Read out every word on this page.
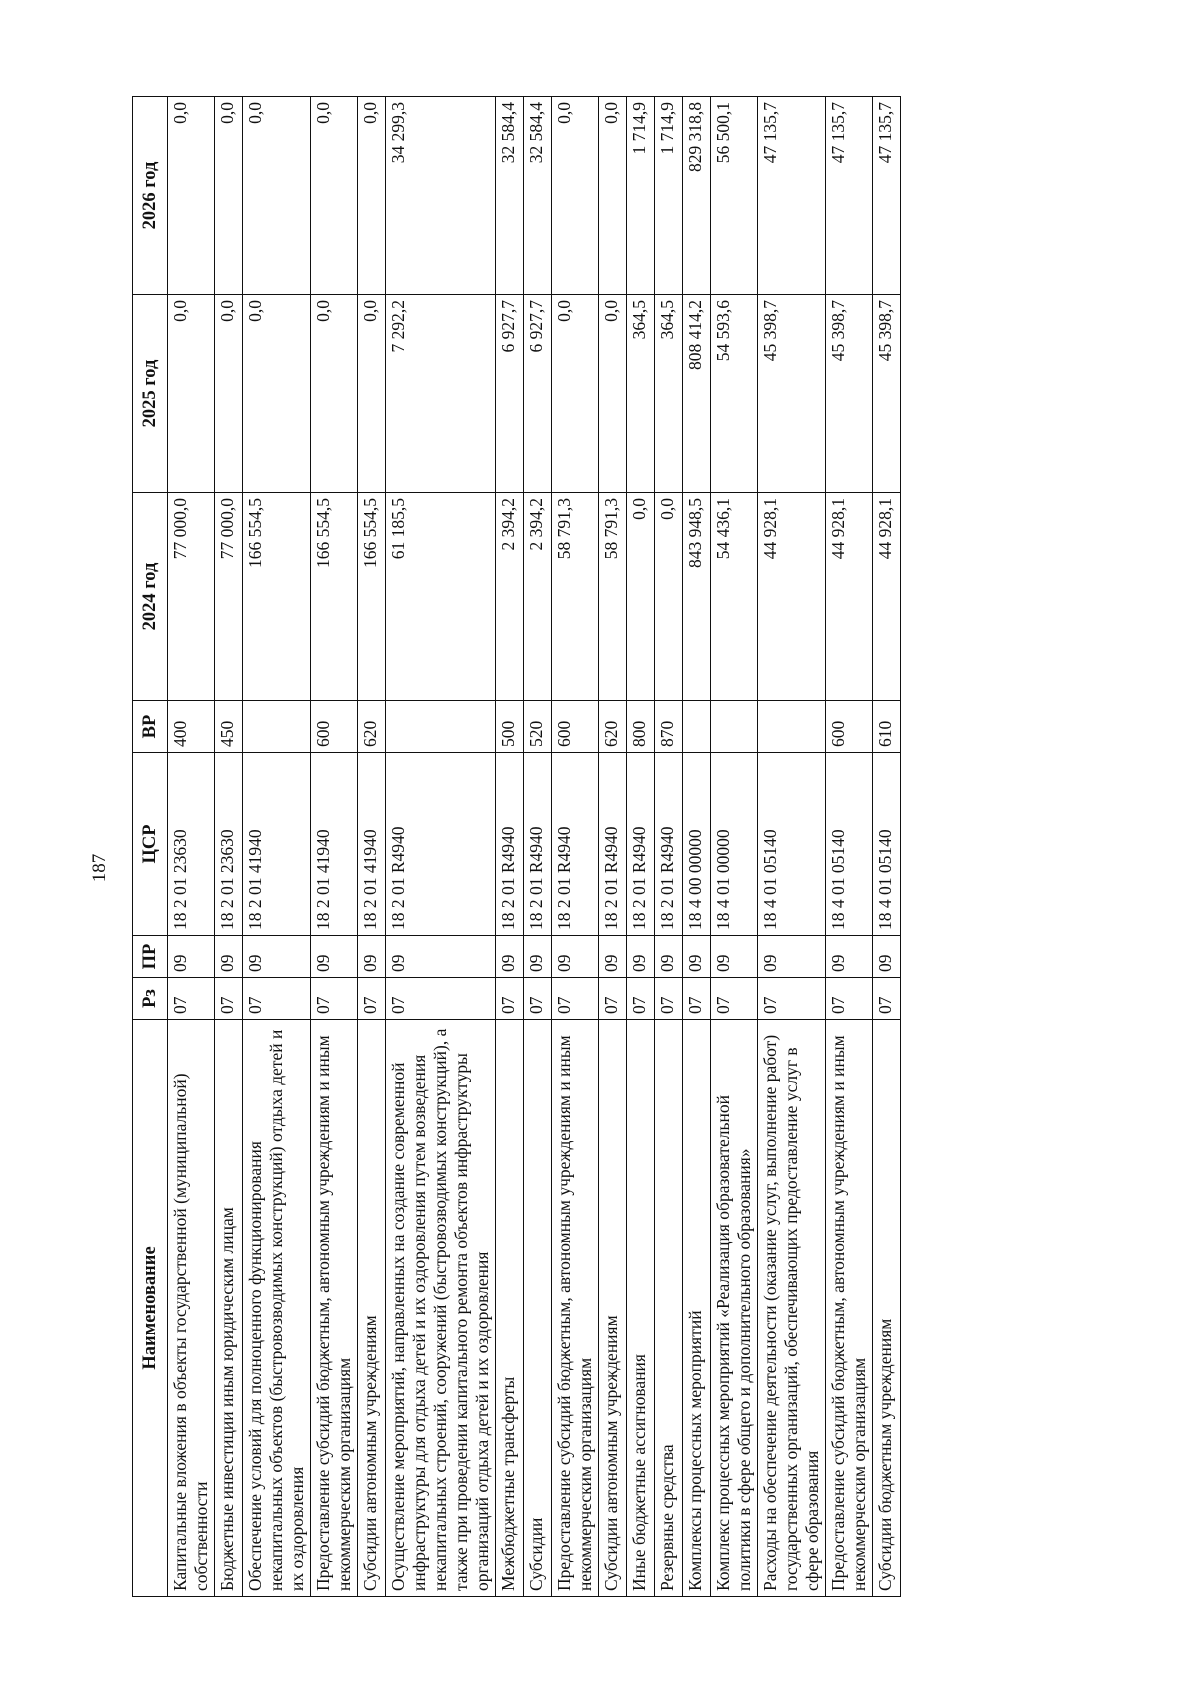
187
Наименование	Рз	ПР	ЦСР	ВР	2024 год	2025 год	2026 год
Капитальные вложения в объекты государственной (муниципальной) собственности	07	09	18 2 01 23630	400	77 000,0	0,0	0,0
Бюджетные инвестиции иным юридическим лицам	07	09	18 2 01 23630	450	77 000,0	0,0	0,0
Обеспечение условий для полноценного функционирования некапитальных объектов (быстровозводимых конструкций) отдыха детей и их оздоровления	07	09	18 2 01 41940		166 554,5	0,0	0,0
Предоставление субсидий бюджетным, автономным учреждениям и иным некоммерческим организациям	07	09	18 2 01 41940	600	166 554,5	0,0	0,0
Субсидии автономным учреждениям	07	09	18 2 01 41940	620	166 554,5	0,0	0,0
Осуществление мероприятий, направленных на создание современной инфраструктуры для отдыха детей и их оздоровления путем возведения некапитальных строений, сооружений (быстровозводимых конструкций), а также при проведении капитального ремонта объектов инфраструктуры организаций отдыха детей и их оздоровления	07	09	18 2 01 R4940		61 185,5	7 292,2	34 299,3
Межбюджетные трансферты	07	09	18 2 01 R4940	500	2 394,2	6 927,7	32 584,4
Субсидии	07	09	18 2 01 R4940	520	2 394,2	6 927,7	32 584,4
Предоставление субсидий бюджетным, автономным учреждениям и иным некоммерческим организациям	07	09	18 2 01 R4940	600	58 791,3	0,0	0,0
Субсидии автономным учреждениям	07	09	18 2 01 R4940	620	58 791,3	0,0	0,0
Иные бюджетные ассигнования	07	09	18 2 01 R4940	800	0,0	364,5	1 714,9
Резервные средства	07	09	18 2 01 R4940	870	0,0	364,5	1 714,9
Комплексы процессных мероприятий	07	09	18 4 00 00000		843 948,5	808 414,2	829 318,8
Комплекс процессных мероприятий «Реализация образовательной политики в сфере общего и дополнительного образования»	07	09	18 4 01 00000		54 436,1	54 593,6	56 500,1
Расходы на обеспечение деятельности (оказание услуг, выполнение работ) государственных организаций, обеспечивающих предоставление услуг в сфере образования	07	09	18 4 01 05140		44 928,1	45 398,7	47 135,7
Предоставление субсидий бюджетным, автономным учреждениям и иным некоммерческим организациям	07	09	18 4 01 05140	600	44 928,1	45 398,7	47 135,7
Субсидии бюджетным учреждениям	07	09	18 4 01 05140	610	44 928,1	45 398,7	47 135,7
